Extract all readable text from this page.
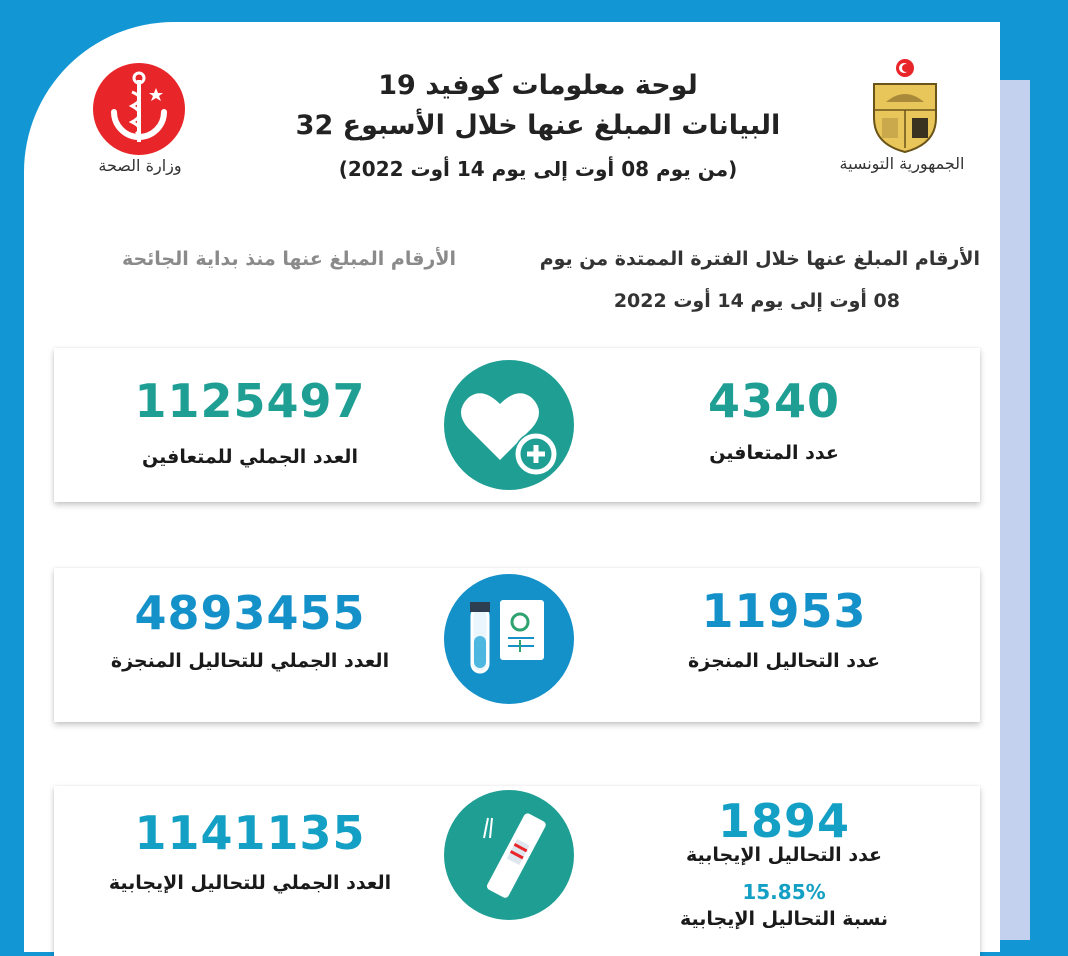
وزارة الصحة	الجمهورية التونسية
لوحة معلومات كوفيد 19
البيانات المبلغ عنها خلال الأسبوع 32
(من يوم 08 أوت إلى يوم 14 أوت 2022)
الأرقام المبلغ عنها خلال الفترة الممتدة من يوم
08 أوت إلى يوم 14 أوت 2022
الأرقام المبلغ عنها منذ بداية الجائحة
1125497
العدد الجملي للمتعافين
4340
عدد المتعافين
4893455
العدد الجملي للتحاليل المنجزة
11953
عدد التحاليل المنجزة
1141135
العدد الجملي للتحاليل الإيجابية
1894
عدد التحاليل الإيجابية
15.85%
نسبة التحاليل الإيجابية
